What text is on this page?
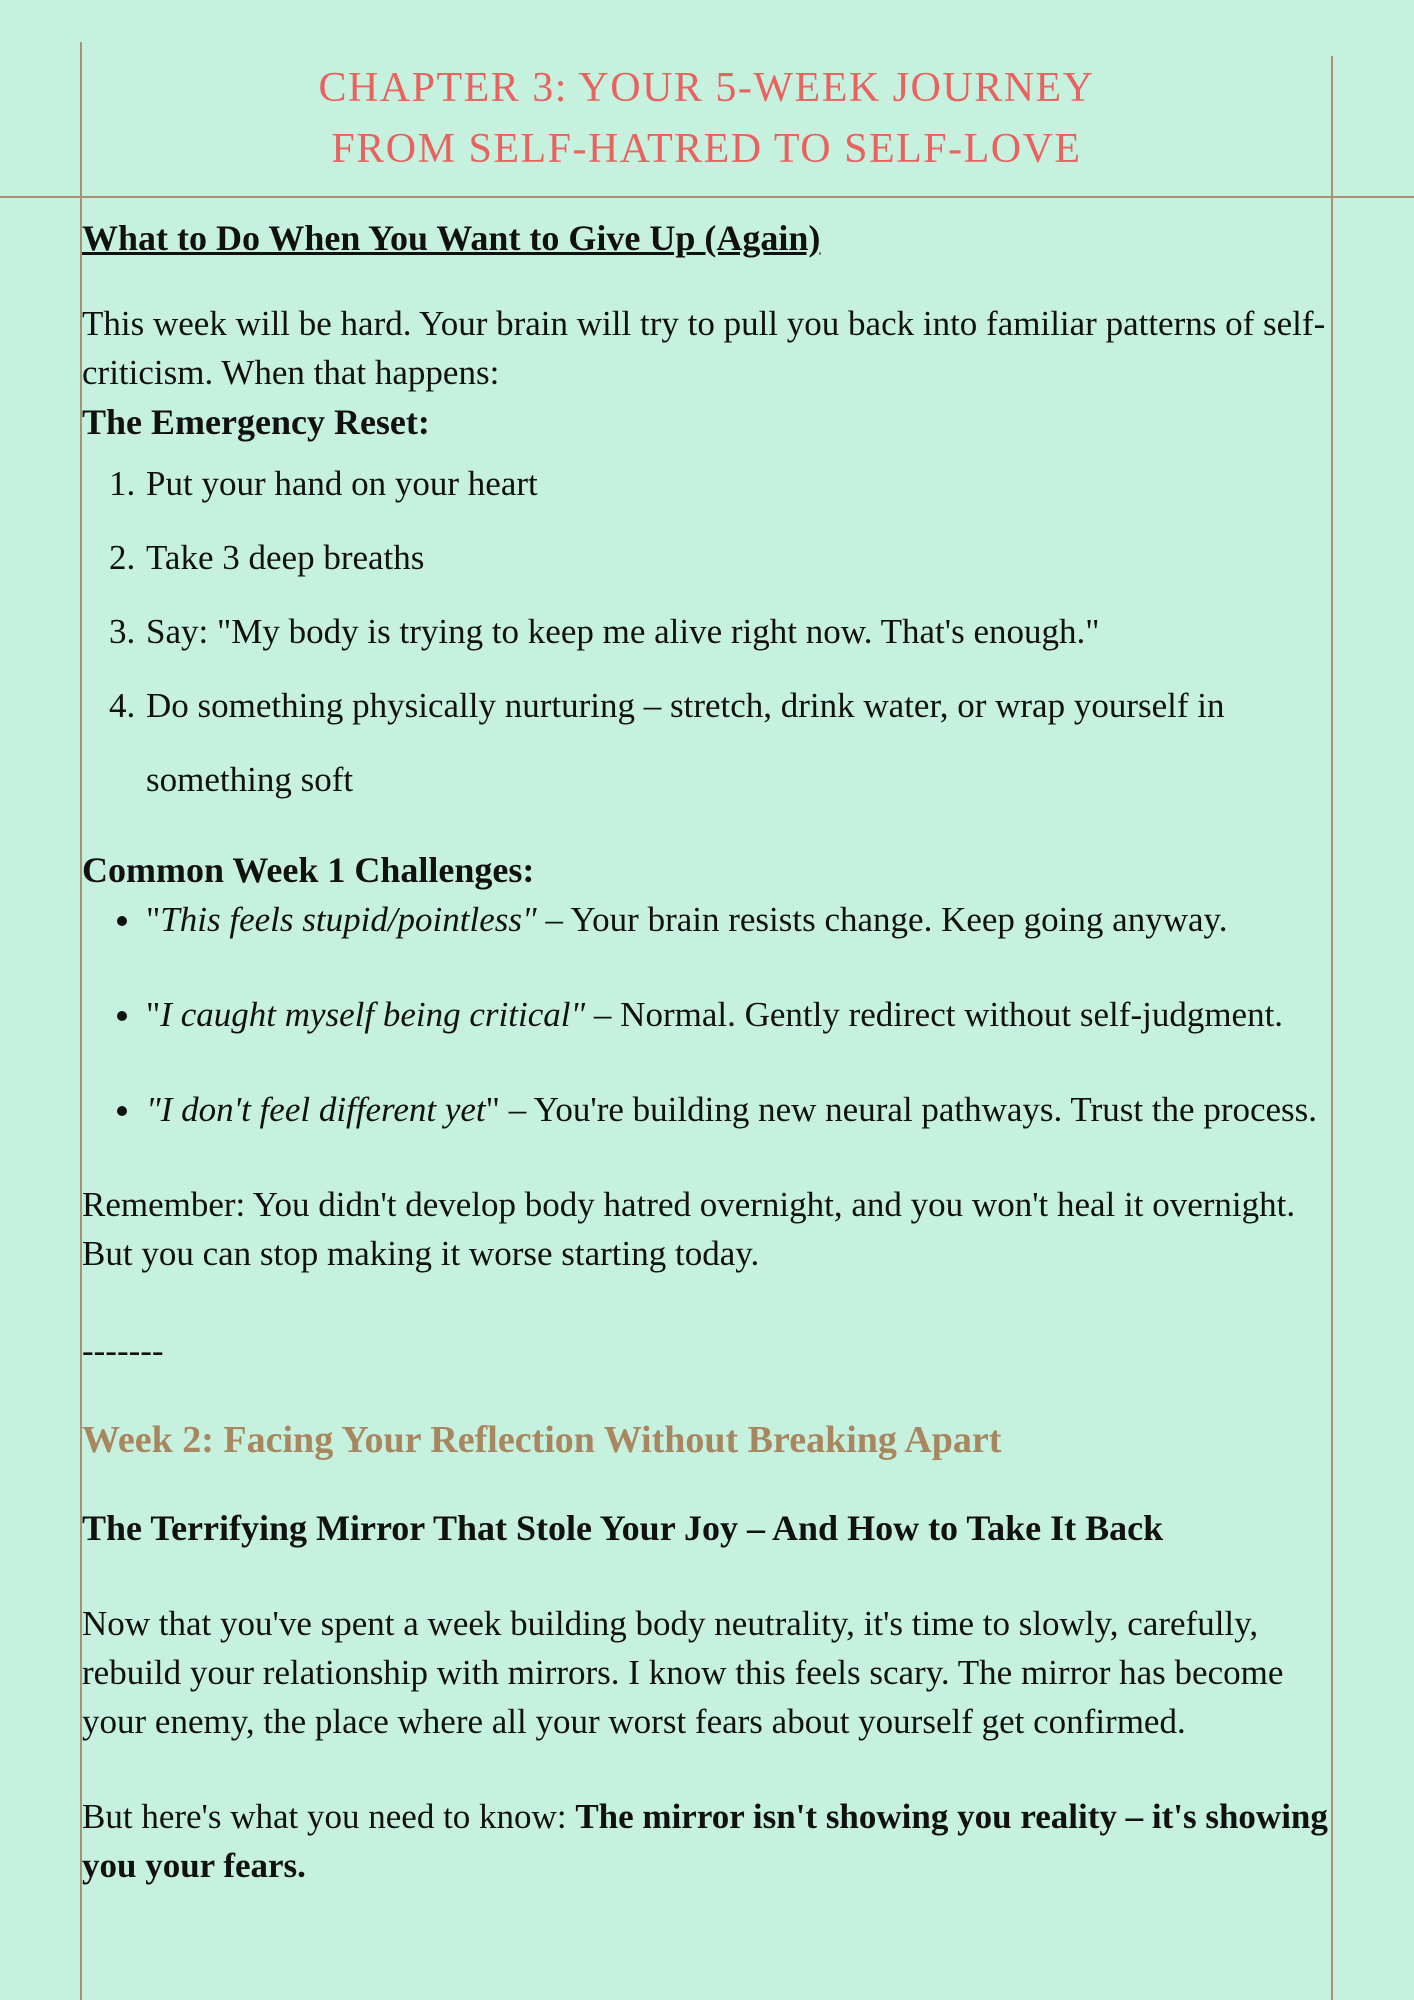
CHAPTER 3: YOUR 5-WEEK JOURNEY
FROM SELF-HATRED TO SELF-LOVE
What to Do When You Want to Give Up (Again)

This week will be hard. Your brain will try to pull you back into familiar patterns of self-criticism. When that happens:

The Emergency Reset:
1. Put your hand on your heart
2. Take 3 deep breaths
3. Say: "My body is trying to keep me alive right now. That's enough."
4. Do something physically nurturing – stretch, drink water, or wrap yourself in something soft
Common Week 1 Challenges:
• "This feels stupid/pointless" – Your brain resists change. Keep going anyway.
• "I caught myself being critical" – Normal. Gently redirect without self-judgment.
• "I don't feel different yet" – You're building new neural pathways. Trust the process.

Remember: You didn't develop body hatred overnight, and you won't heal it overnight. But you can stop making it worse starting today.

-------

Week 2: Facing Your Reflection Without Breaking Apart
The Terrifying Mirror That Stole Your Joy – And How to Take It Back

Now that you've spent a week building body neutrality, it's time to slowly, carefully, rebuild your relationship with mirrors. I know this feels scary. The mirror has become your enemy, the place where all your worst fears about yourself get confirmed.

But here's what you need to know: The mirror isn't showing you reality – it's showing you your fears.
